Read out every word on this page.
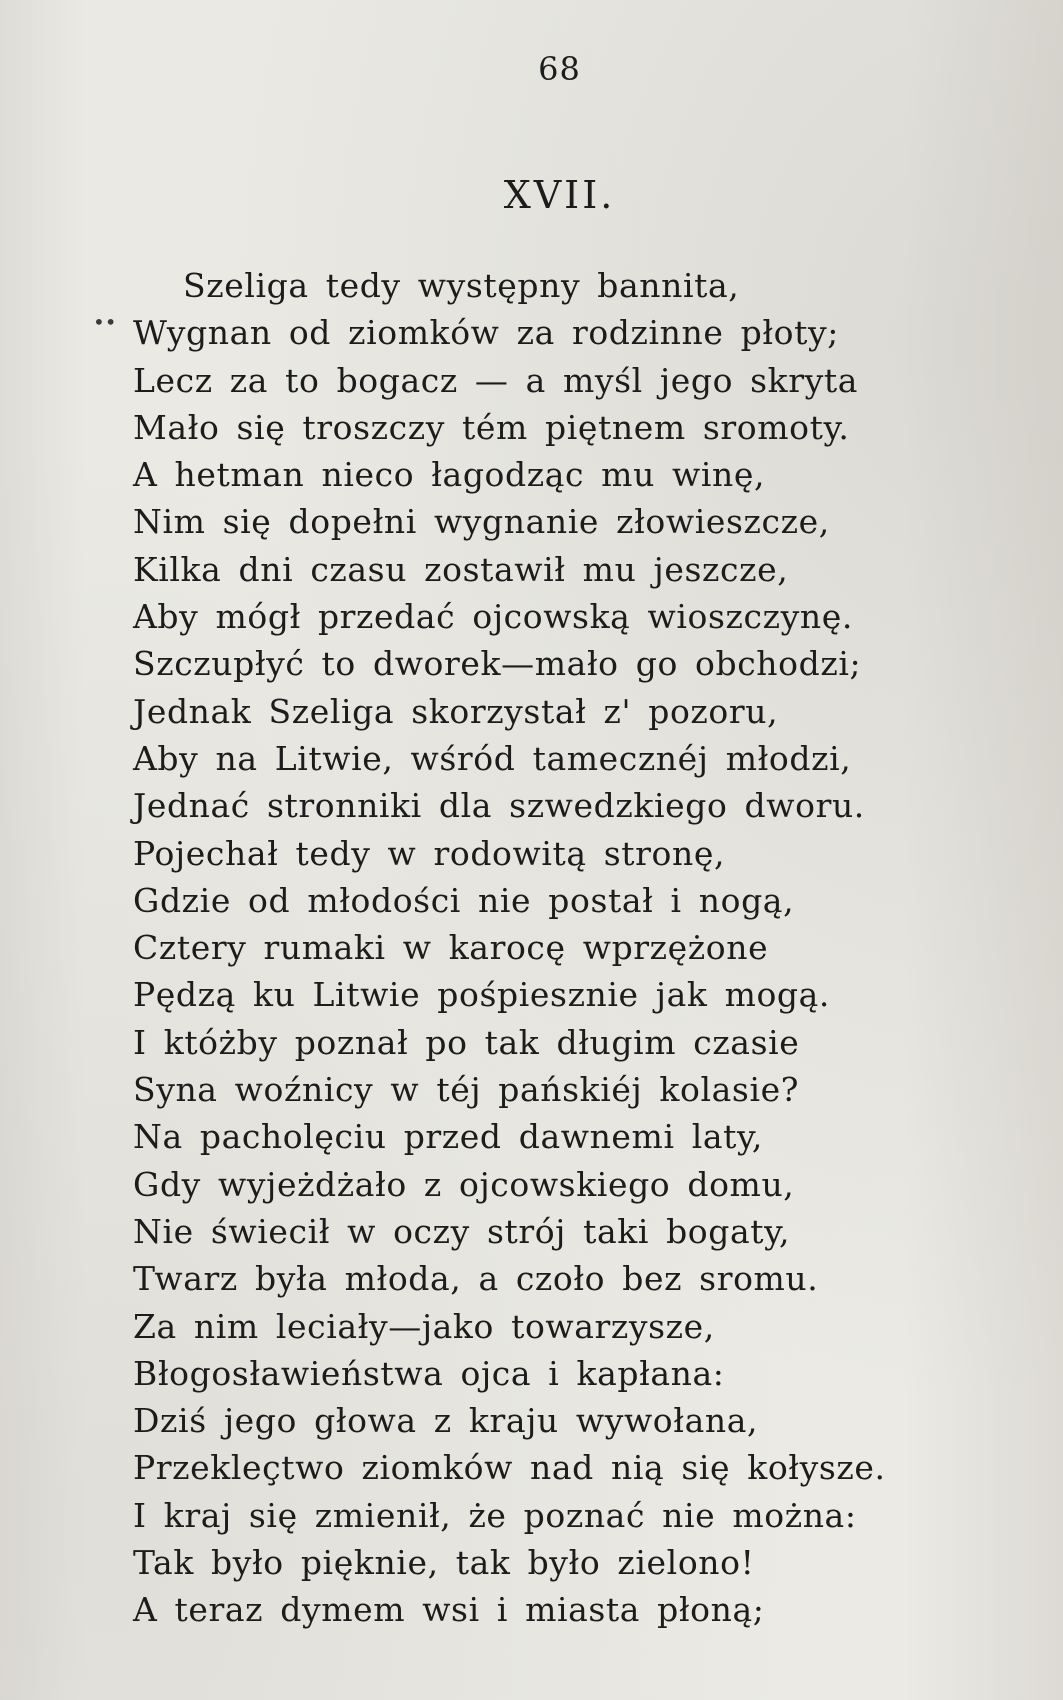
68
XVII.
••
Szeliga tedy występny bannita,
Wygnan od ziomków za rodzinne płoty;
Lecz za to bogacz — a myśl jego skryta
Mało się troszczy tém piętnem sromoty.
A hetman nieco łagodząc mu winę,
Nim się dopełni wygnanie złowieszcze,
Kilka dni czasu zostawił mu jeszcze,
Aby mógł przedać ojcowską wioszczynę.
Szczupłyć to dworek—mało go obchodzi;
Jednak Szeliga skorzystał z' pozoru,
Aby na Litwie, wśród tamecznéj młodzi,
Jednać stronniki dla szwedzkiego dworu.
Pojechał tedy w rodowitą stronę,
Gdzie od młodości nie postał i nogą,
Cztery rumaki w karocę wprzężone
Pędzą ku Litwie pośpiesznie jak mogą.
I któżby poznał po tak długim czasie
Syna woźnicy w téj pańskiéj kolasie?
Na pacholęciu przed dawnemi laty,
Gdy wyjeżdżało z ojcowskiego domu,
Nie świecił w oczy strój taki bogaty,
Twarz była młoda, a czoło bez sromu.
Za nim leciały—jako towarzysze,
Błogosławieństwa ojca i kapłana:
Dziś jego głowa z kraju wywołana,
Przekleçtwo ziomków nad nią się kołysze.
I kraj się zmienił, że poznać nie można:
Tak było pięknie, tak było zielono!
A teraz dymem wsi i miasta płoną;
